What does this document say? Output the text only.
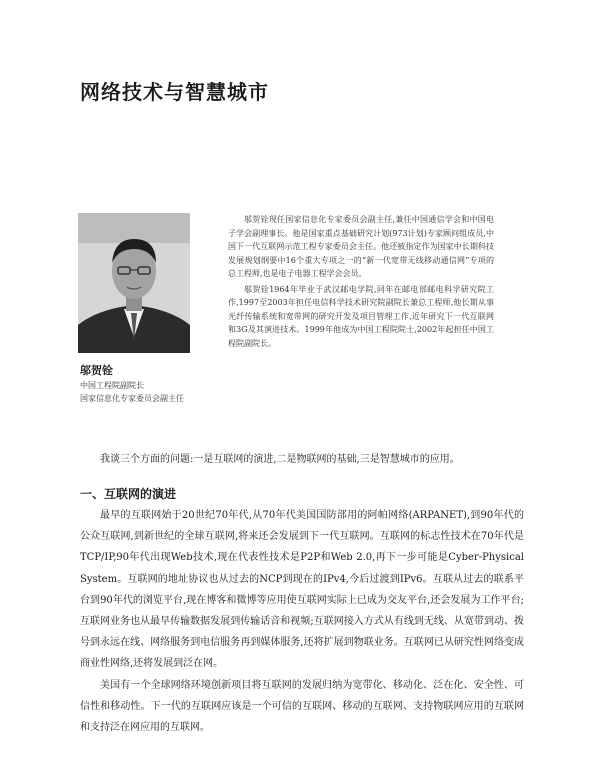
网络技术与智慧城市
邬贺铨
中国工程院副院长
国家信息化专家委员会副主任

邬贺铨现任国家信息化专家委员会副主任,兼任中国通信学会和中国电子学会副理事长。他是国家重点基础研究计划(973计划)专家顾问组成员,中国下一代互联网示范工程专家委员会主任。他还被指定作为国家中长期科技发展规划纲要中16个重大专项之一的“新一代宽带无线移动通信网”专项的总工程师,也是电子电器工程学会会员。

邬贺铨1964年毕业于武汉邮电学院,同年在邮电部邮电科学研究院工作,1997至2003年担任电信科学技术研究院副院长兼总工程师,他长期从事光纤传输系统和宽带网的研究开发及项目管理工作,近年研究下一代互联网和3G及其演进技术。1999年他成为中国工程院院士,2002年起担任中国工程院副院长。

我谈三个方面的问题:一是互联网的演进,二是物联网的基础,三是智慧城市的应用。
一、互联网的演进

最早的互联网始于20世纪70年代,从70年代美国国防部用的阿帕网络(ARPANET),到90年代的公众互联网,到新世纪的全球互联网,将来还会发展到下一代互联网。互联网的标志性技术在70年代是TCP/IP,90年代出现Web技术,现在代表性技术是P2P和Web 2.0,再下一步可能是Cyber-Physical System。互联网的地址协议也从过去的NCP到现在的IPv4,今后过渡到IPv6。互联从过去的联系平台到90年代的浏览平台,现在博客和微博等应用使互联网实际上已成为交友平台,还会发展为工作平台;互联网业务也从最早传输数据发展到传输话音和视频;互联网接入方式从有线到无线、从宽带到动、拨号到永远在线、网络服务到电信服务再到媒体服务,还将扩展到物联业务。互联网已从研究性网络变成商业性网络,还将发展到泛在网。

美国有一个全球网络环境创新项目将互联网的发展归纳为宽带化、移动化、泛在化、安全性、可信性和移动性。下一代的互联网应该是一个可信的互联网、移动的互联网、支持物联网应用的互联网和支持泛在网应用的互联网。
